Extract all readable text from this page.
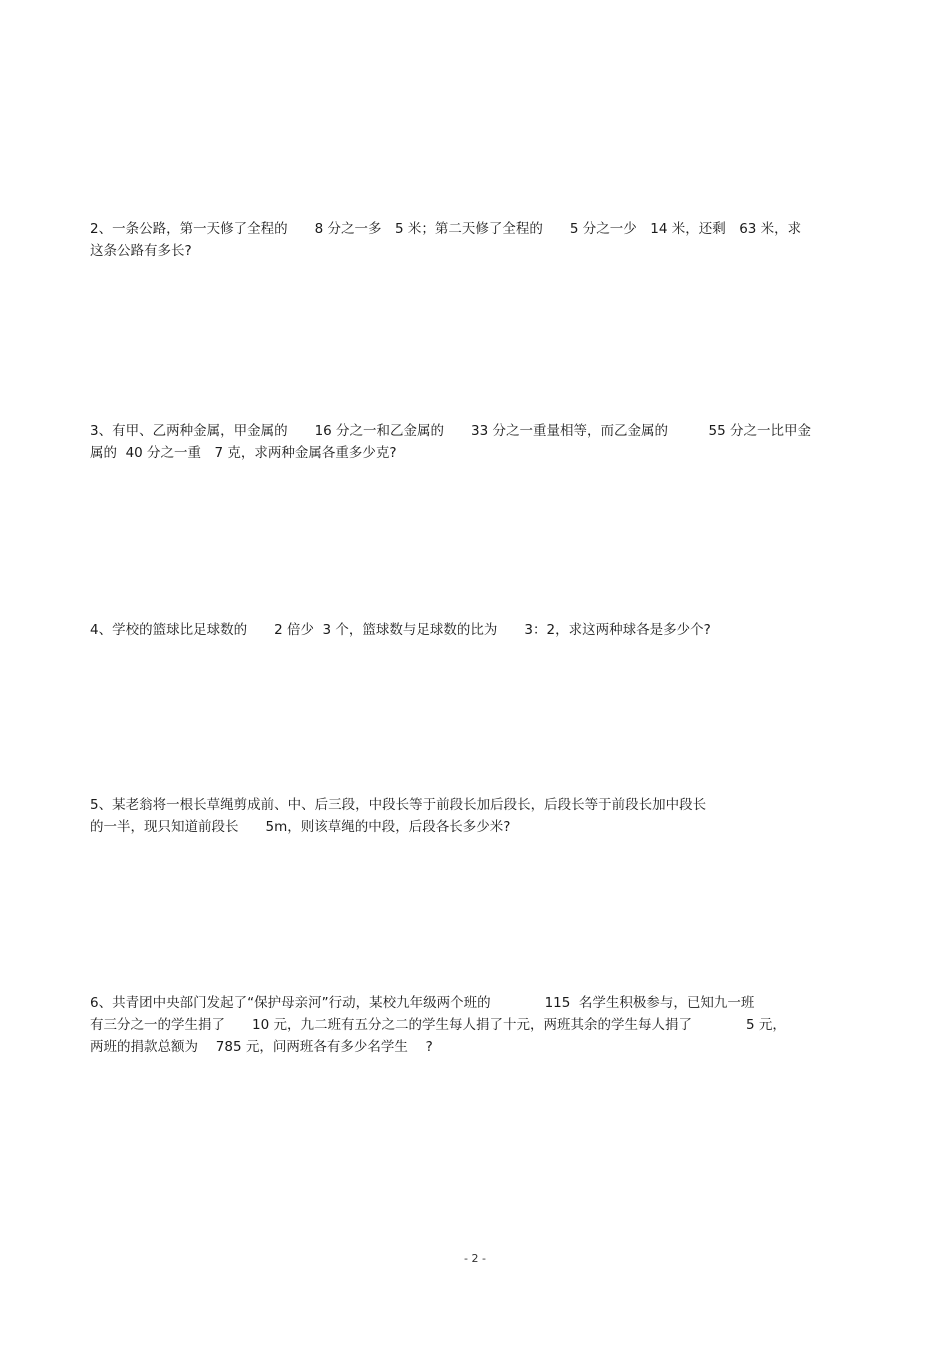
2、一条公路，第一天修了全程的　　8 分之一多　5 米；第二天修了全程的　　5 分之一少　14 米，还剩　63 米，求
这条公路有多长?
3、有甲、乙两种金属，甲金属的　　16 分之一和乙金属的　　33 分之一重量相等，而乙金属的　　　55 分之一比甲金
属的  40 分之一重　7 克，求两种金属各重多少克?
4、学校的篮球比足球数的　　2 倍少  3 个，篮球数与足球数的比为　　3：2，求这两种球各是多少个?
5、某老翁将一根长草绳剪成前、中、后三段，中段长等于前段长加后段长，后段长等于前段长加中段长
的一半，现只知道前段长　　5m，则该草绳的中段，后段各长多少米?
6、共青团中央部门发起了“保护母亲河”行动，某校九年级两个班的　　　　115  名学生积极参与，已知九一班
有三分之一的学生捐了　　10 元，九二班有五分之二的学生每人捐了十元，两班其余的学生每人捐了　　　　5 元，
两班的捐款总额为　 785 元，问两班各有多少名学生　 ?
- 2 -
